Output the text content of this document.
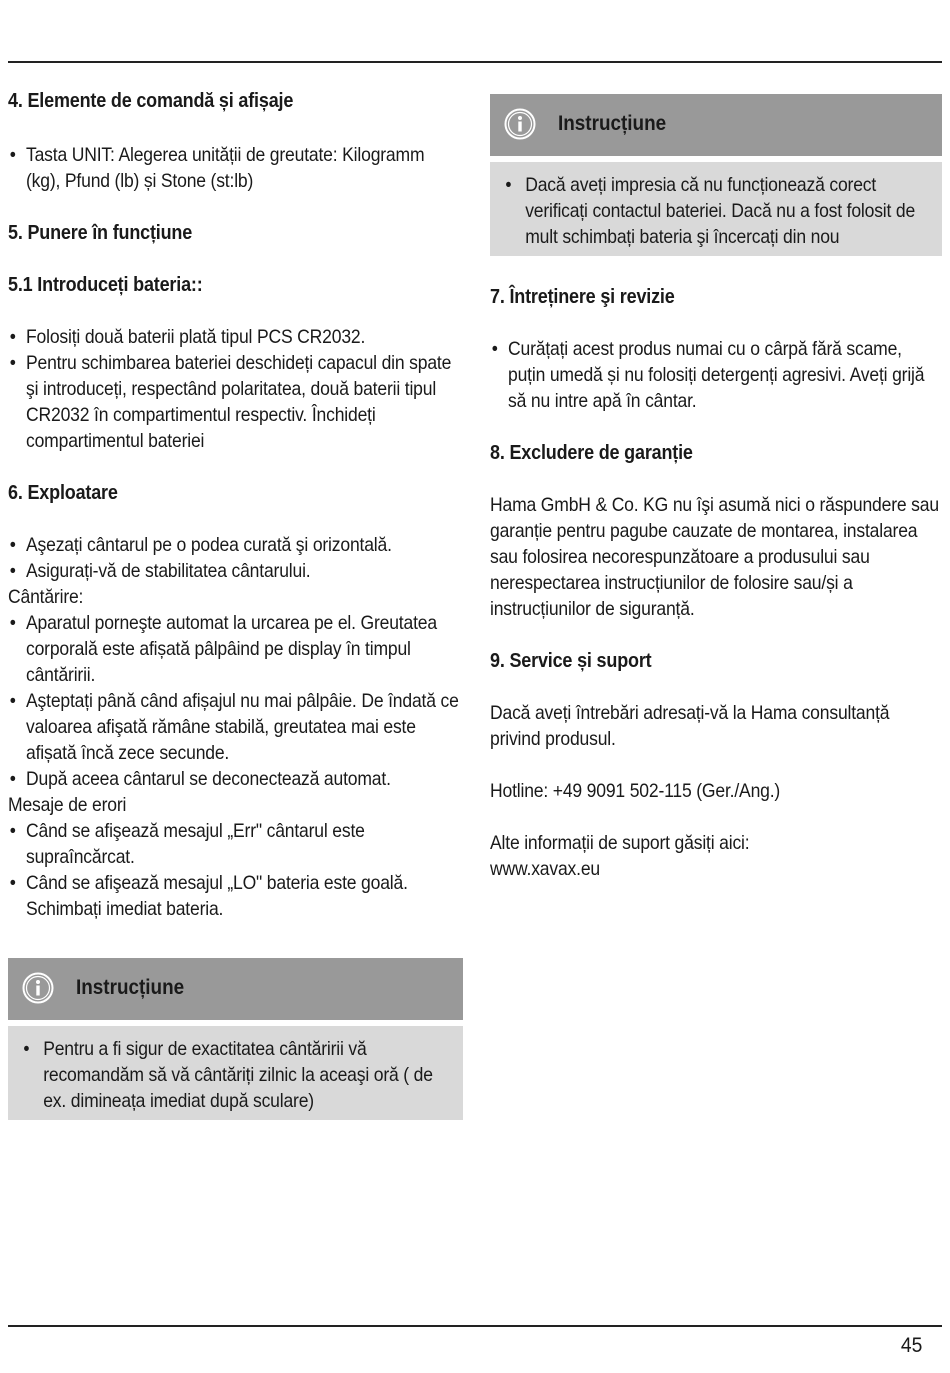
4. Elemente de comandă și afișaje
• Tasta UNIT: Alegerea unității de greutate: Kilogramm (kg), Pfund (lb) și Stone (st:lb)
5. Punere în funcțiune
5.1 Introduceți bateria::
• Folosiți două baterii plată tipul PCS CR2032.
• Pentru schimbarea bateriei deschideți capacul din spate şi introduceți, respectând polaritatea, două baterii tipul CR2032 în compartimentul respectiv. Închideți compartimentul bateriei
6. Exploatare
• Aşezați cântarul pe o podea curată şi orizontală.
• Asigurați-vă de stabilitatea cântarului.

Cântărire:

• Aparatul porneşte automat la urcarea pe el. Greutatea corporală este afișată pâlpâind pe display în timpul cântăririi.
• Aşteptați până când afișajul nu mai pâlpâie. De îndată ce valoarea afişată rămâne stabilă, greutatea mai este afișată încă zece secunde.
• După aceea cântarul se deconectează automat.

Mesaje de erori

• Când se afişează mesajul „Err" cântarul este supraîncărcat.
• Când se afişează mesajul „LO" bateria este goală. Schimbați imediat bateria.
Instrucțiune
• Pentru a fi sigur de exactitatea cântăririi vă recomandăm să vă cântăriți zilnic la aceaşi oră ( de ex. dimineața imediat după sculare)
Instrucțiune
• Dacă aveți impresia că nu funcționează corect verificați contactul bateriei. Dacă nu a fost folosit de mult schimbați bateria şi încercați din nou
7. Întreținere şi revizie
• Curățați acest produs numai cu o cârpă fără scame, puțin umedă și nu folosiți detergenți agresivi. Aveți grijă să nu intre apă în cântar.
8. Excludere de garanție

Hama GmbH & Co. KG nu îşi asumă nici o răspundere sau garanție pentru pagube cauzate de montarea, instalarea sau folosirea necorespunzătoare a produsului sau nerespectarea instrucțiunilor de folosire sau/și a instrucțiunilor de siguranță.

9. Service și suport

Dacă aveți întrebări adresați-vă la Hama consultanță privind produsul.

Hotline: +49 9091 502-115 (Ger./Ang.)

Alte informații de suport găsiți aici:

www.xavax.eu

45
